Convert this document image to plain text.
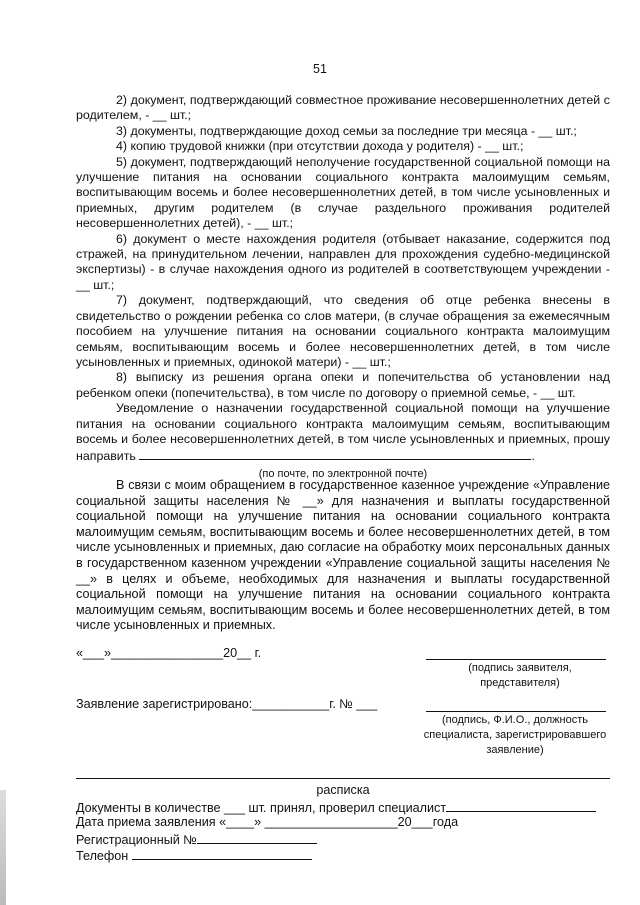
51

2) документ, подтверждающий совместное проживание несовершеннолетних детей с родителем, - __ шт.;

3) документы, подтверждающие доход семьи за последние три месяца - __ шт.;

4) копию трудовой книжки (при отсутствии дохода у родителя) - __ шт.;

5) документ, подтверждающий неполучение государственной социальной помощи на улучшение питания на основании социального контракта малоимущим семьям, воспитывающим восемь и более несовершеннолетних детей, в том числе усыновленных и приемных, другим родителем (в случае раздельного проживания родителей несовершеннолетних детей), - __ шт.;

6) документ о месте нахождения родителя (отбывает наказание, содержится под стражей, на принудительном лечении, направлен для прохождения судебно-медицинской экспертизы) - в случае нахождения одного из родителей в соответствующем учреждении - __ шт.;

7) документ, подтверждающий, что сведения об отце ребенка внесены в свидетельство о рождении ребенка со слов матери, (в случае обращения за ежемесячным пособием на улучшение питания на основании социального контракта малоимущим семьям, воспитывающим восемь и более несовершеннолетних детей, в том числе усыновленных и приемных, одинокой матери) - __ шт.;

8) выписку из решения органа опеки и попечительства об установлении над ребенком опеки (попечительства), в том числе по договору о приемной семье, - __ шт.

Уведомление о назначении государственной социальной помощи на улучшение питания на основании социального контракта малоимущим семьям, воспитывающим восемь и более несовершеннолетних детей, в том числе усыновленных и приемных, прошу направить	.

(по почте, по электронной почте)

В связи с моим обращением в государственное казенное учреждение «Управление социальной защиты населения № __» для назначения и выплаты государственной социальной помощи на улучшение питания на основании социального контракта малоимущим семьям, воспитывающим восемь и более несовершеннолетних детей, в том числе усыновленных и приемных, даю согласие на обработку моих персональных данных в государственном казенном учреждении «Управление социальной защиты населения № __» в целях и объеме, необходимых для назначения и выплаты государственной социальной помощи на улучшение питания на основании социального контракта малоимущим семьям, воспитывающим восемь и более несовершеннолетних детей, в том числе усыновленных и приемных.

«___»________________20__ г.
(подпись заявителя, представителя)
Заявление зарегистрировано:___________г. № ___
(подпись, Ф.И.О., должность специалиста, зарегистрировавшего заявление)
расписка
Документы в количестве ___ шт. принял, проверил специалист
Дата приема заявления «____» ___________________20___года
Регистрационный №
Телефон
